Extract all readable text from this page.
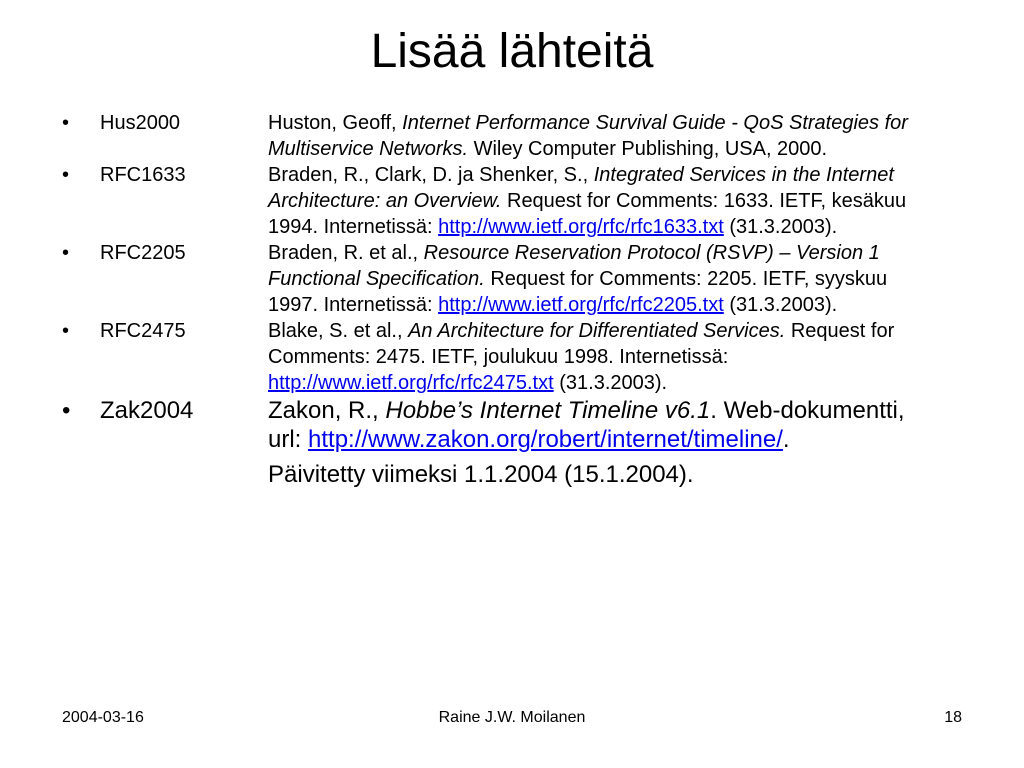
Lisää lähteitä
• Hus2000	Huston, Geoff, Internet Performance Survival Guide - QoS Strategies for Multiservice Networks. Wiley Computer Publishing, USA, 2000.
• RFC1633	Braden, R., Clark, D. ja Shenker, S., Integrated Services in the Internet Architecture: an Overview. Request for Comments: 1633. IETF, kesäkuu 1994. Internetissä: http://www.ietf.org/rfc/rfc1633.txt (31.3.2003).
• RFC2205	Braden, R. et al., Resource Reservation Protocol (RSVP) – Version 1 Functional Specification. Request for Comments: 2205. IETF, syyskuu 1997. Internetissä: http://www.ietf.org/rfc/rfc2205.txt (31.3.2003).
• RFC2475	Blake, S. et al., An Architecture for Differentiated Services. Request for Comments: 2475. IETF, joulukuu 1998. Internetissä: http://www.ietf.org/rfc/rfc2475.txt (31.3.2003).
• Zak2004	Zakon, R., Hobbe’s Internet Timeline v6.1. Web-dokumentti, url: http://www.zakon.org/robert/internet/timeline/.
Päivitetty viimeksi 1.1.2004 (15.1.2004).
2004-03-16	Raine J.W. Moilanen	18
